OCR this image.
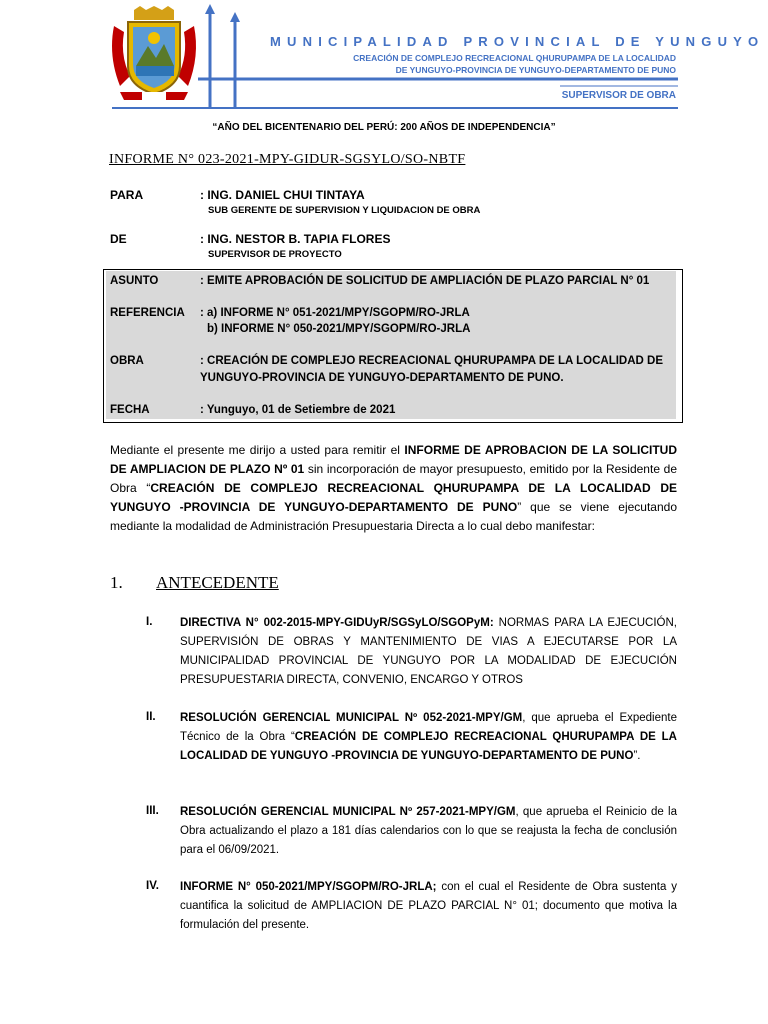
MUNICIPALIDAD PROVINCIAL DE YUNGUYO
CREACIÓN DE COMPLEJO RECREACIONAL QHURUPAMPA DE LA LOCALIDAD
DE YUNGUYO-PROVINCIA DE YUNGUYO-DEPARTAMENTO DE PUNO
SUPERVISOR DE OBRA
“AÑO DEL BICENTENARIO DEL PERÚ: 200 AÑOS DE INDEPENDENCIA”
INFORME N° 023-2021-MPY-GIDUR-SGSYLO/SO-NBTF
PARA	: ING. DANIEL CHUI TINTAYA
SUB GERENTE DE SUPERVISION Y LIQUIDACION DE OBRA
DE	: ING. NESTOR B. TAPIA FLORES
SUPERVISOR DE PROYECTO
ASUNTO	: EMITE APROBACIÓN DE SOLICITUD DE AMPLIACIÓN DE PLAZO PARCIAL N° 01
REFERENCIA : a) INFORME N° 051-2021/MPY/SGOPM/RO-JRLA
b) INFORME N° 050-2021/MPY/SGOPM/RO-JRLA
OBRA	: CREACIÓN DE COMPLEJO RECREACIONAL QHURUPAMPA DE LA LOCALIDAD DE
YUNGUYO-PROVINCIA DE YUNGUYO-DEPARTAMENTO DE PUNO.
FECHA	: Yunguyo, 01 de Setiembre de 2021
Mediante el presente me dirijo a usted para remitir el INFORME DE APROBACION DE LA SOLICITUD DE AMPLIACION DE PLAZO Nº 01 sin incorporación de mayor presupuesto, emitido por la Residente de Obra “CREACIÓN DE COMPLEJO RECREACIONAL QHURUPAMPA DE LA LOCALIDAD DE YUNGUYO -PROVINCIA DE YUNGUYO-DEPARTAMENTO DE PUNO” que se viene ejecutando mediante la modalidad de Administración Presupuestaria Directa a lo cual debo manifestar:
1. ANTECEDENTE
I. DIRECTIVA N° 002-2015-MPY-GIDUyR/SGSyLO/SGOPyM: NORMAS PARA LA EJECUCIÓN, SUPERVISIÓN DE OBRAS Y MANTENIMIENTO DE VIAS A EJECUTARSE POR LA MUNICIPALIDAD PROVINCIAL DE YUNGUYO POR LA MODALIDAD DE EJECUCIÓN PRESUPUESTARIA DIRECTA, CONVENIO, ENCARGO Y OTROS
II. RESOLUCIÓN GERENCIAL MUNICIPAL Nº 052-2021-MPY/GM, que aprueba el Expediente Técnico de la Obra “CREACIÓN DE COMPLEJO RECREACIONAL QHURUPAMPA DE LA LOCALIDAD DE YUNGUYO -PROVINCIA DE YUNGUYO-DEPARTAMENTO DE PUNO”.
III. RESOLUCIÓN GERENCIAL MUNICIPAL Nº 257-2021-MPY/GM, que aprueba el Reinicio de la Obra actualizando el plazo a 181 días calendarios con lo que se reajusta la fecha de conclusión para el 06/09/2021.
IV. INFORME N° 050-2021/MPY/SGOPM/RO-JRLA; con el cual el Residente de Obra sustenta y cuantifica la solicitud de AMPLIACION DE PLAZO PARCIAL N° 01; documento que motiva la formulación del presente.
